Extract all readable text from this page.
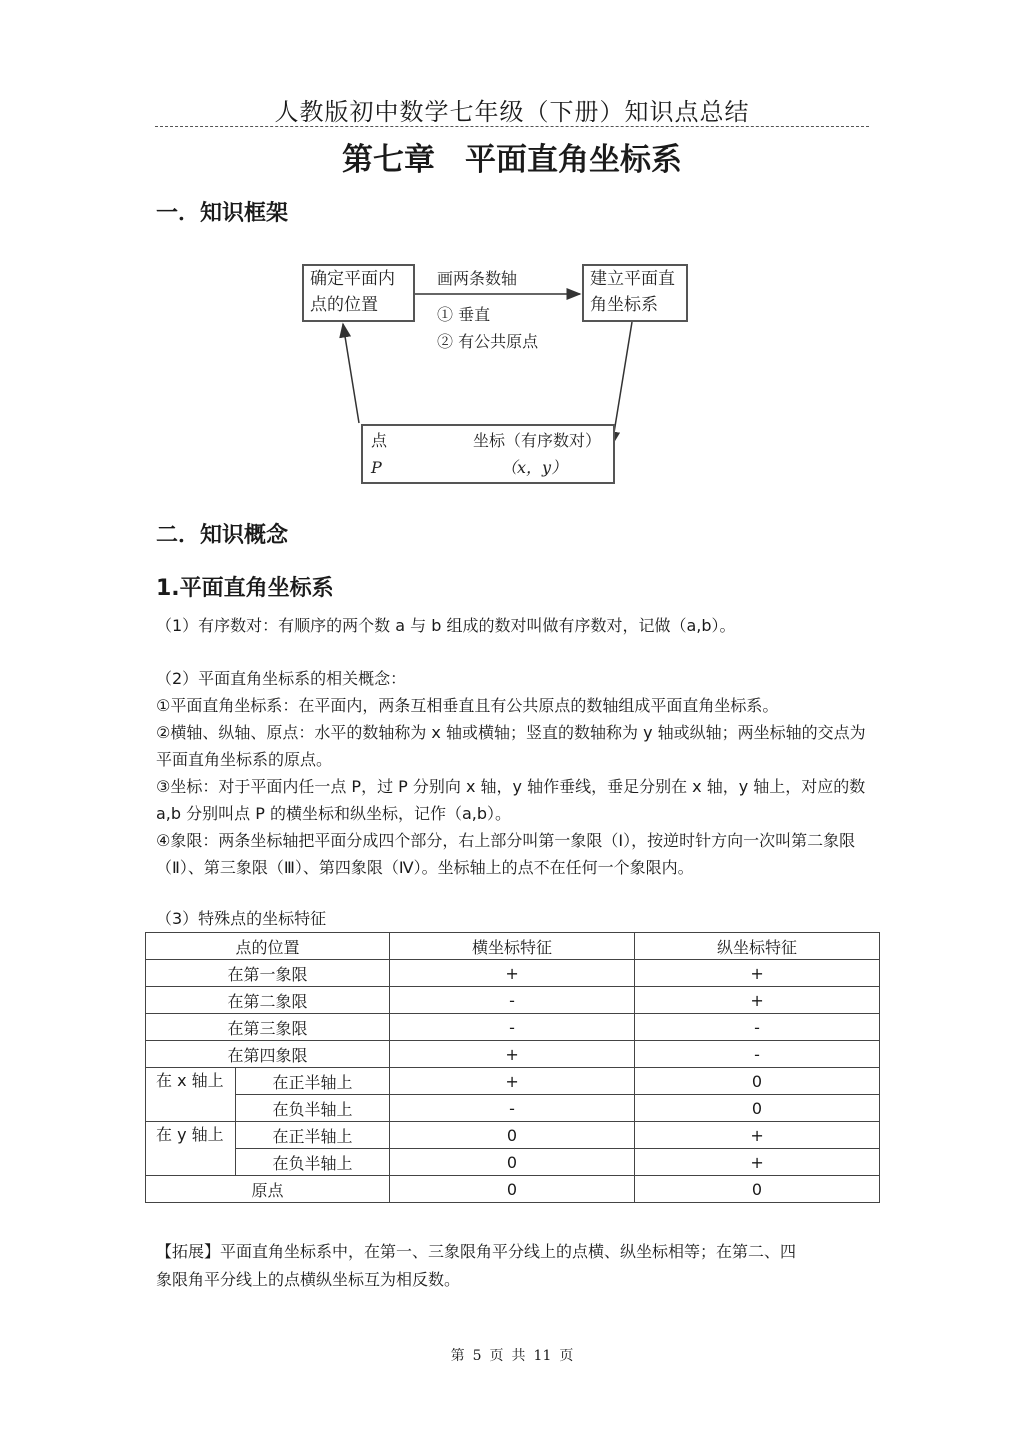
人教版初中数学七年级（下册）知识点总结
第七章 平面直角坐标系
一．知识框架
确定平面内
点的位置
建立平面直
角坐标系
画两条数轴
① 垂直
② 有公共原点
点
P
坐标（有序数对）
（x，y）
二．知识概念
1.平面直角坐标系
（1）有序数对：有顺序的两个数 a 与 b 组成的数对叫做有序数对，记做（a,b）。
（2）平面直角坐标系的相关概念：
①平面直角坐标系：在平面内，两条互相垂直且有公共原点的数轴组成平面直角坐标系。
②横轴、纵轴、原点：水平的数轴称为 x 轴或横轴；竖直的数轴称为 y 轴或纵轴；两坐标轴的交点为平面直角坐标系的原点。
③坐标：对于平面内任一点 P，过 P 分别向 x 轴，y 轴作垂线，垂足分别在 x 轴，y 轴上，对应的数 a,b 分别叫点 P 的横坐标和纵坐标，记作（a,b）。
④象限：两条坐标轴把平面分成四个部分，右上部分叫第一象限（Ⅰ），按逆时针方向一次叫第二象限（Ⅱ）、第三象限（Ⅲ）、第四象限（Ⅳ）。坐标轴上的点不在任何一个象限内。
（3）特殊点的坐标特征
点的位置		横坐标特征	纵坐标特征
在第一象限		+	+
在第二象限		-	+
在第三象限		-	-
在第四象限		+	-
在 x 轴上	在正半轴上	+	0
	在负半轴上	-	0
在 y 轴上	在正半轴上	0	+
	在负半轴上	0	+
原点		0	0
【拓展】平面直角坐标系中，在第一、三象限角平分线上的点横、纵坐标相等；在第二、四
象限角平分线上的点横纵坐标互为相反数。
第 5 页 共 11 页
